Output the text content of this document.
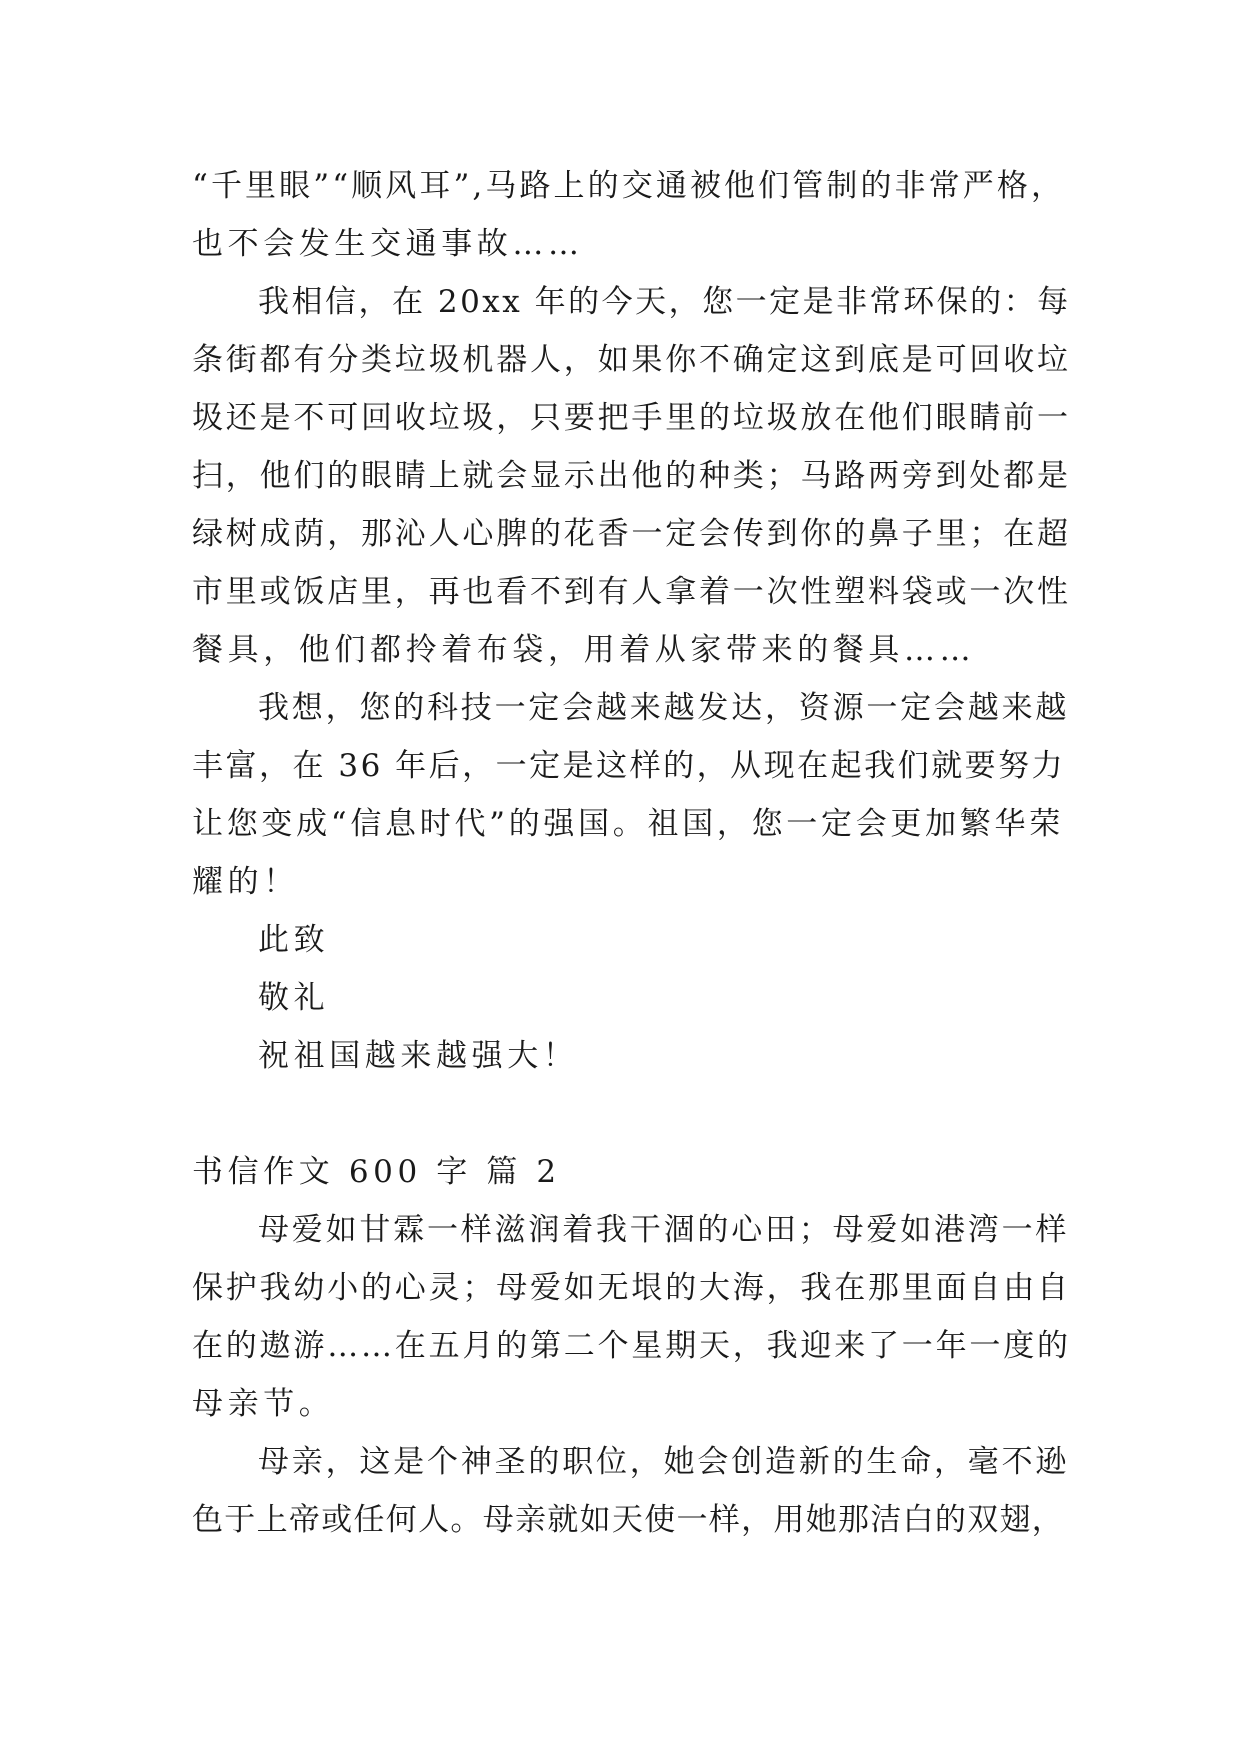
“千里眼”“顺风耳”,马路上的交通被他们管制的非常严格，
也不会发生交通事故……
我相信，在 20xx 年的今天，您一定是非常环保的：每
条街都有分类垃圾机器人，如果你不确定这到底是可回收垃
圾还是不可回收垃圾，只要把手里的垃圾放在他们眼睛前一
扫，他们的眼睛上就会显示出他的种类；马路两旁到处都是
绿树成荫，那沁人心脾的花香一定会传到你的鼻子里；在超
市里或饭店里，再也看不到有人拿着一次性塑料袋或一次性
餐具，他们都拎着布袋，用着从家带来的餐具……
我想，您的科技一定会越来越发达，资源一定会越来越
丰富，在 36 年后，一定是这样的，从现在起我们就要努力
让您变成“信息时代”的强国。祖国，您一定会更加繁华荣
耀的！
此致
敬礼
祝祖国越来越强大！
书信作文 600 字 篇 2
母爱如甘霖一样滋润着我干涸的心田；母爱如港湾一样
保护我幼小的心灵；母爱如无垠的大海，我在那里面自由自
在的遨游……在五月的第二个星期天，我迎来了一年一度的
母亲节。
母亲，这是个神圣的职位，她会创造新的生命，毫不逊
色于上帝或任何人。母亲就如天使一样，用她那洁白的双翅，
